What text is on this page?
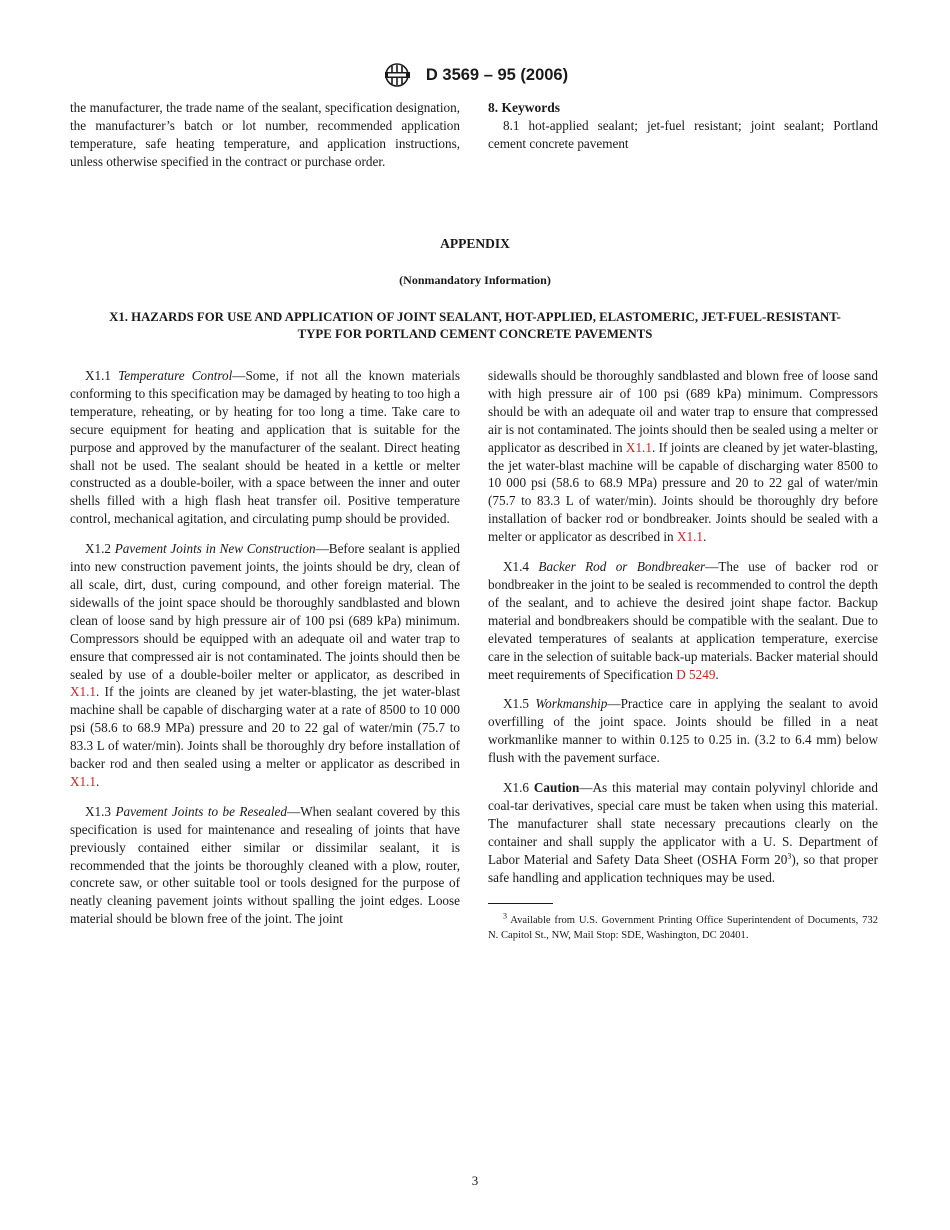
D 3569 – 95 (2006)

the manufacturer, the trade name of the sealant, specification designation, the manufacturer’s batch or lot number, recommended application temperature, safe heating temperature, and application instructions, unless otherwise specified in the contract or purchase order.

8. Keywords

8.1 hot-applied sealant; jet-fuel resistant; joint sealant; Portland cement concrete pavement

APPENDIX
(Nonmandatory Information)
X1. HAZARDS FOR USE AND APPLICATION OF JOINT SEALANT, HOT-APPLIED, ELASTOMERIC, JET-FUEL-RESISTANT-TYPE FOR PORTLAND CEMENT CONCRETE PAVEMENTS

X1.1 Temperature Control—Some, if not all the known materials conforming to this specification may be damaged by heating to too high a temperature, reheating, or by heating for too long a time. Take care to secure equipment for heating and application that is suitable for the purpose and approved by the manufacturer of the sealant. Direct heating shall not be used. The sealant should be heated in a kettle or melter constructed as a double-boiler, with a space between the inner and outer shells filled with a high flash heat transfer oil. Positive temperature control, mechanical agitation, and circulating pump should be provided.

X1.2 Pavement Joints in New Construction—Before sealant is applied into new construction pavement joints, the joints should be dry, clean of all scale, dirt, dust, curing compound, and other foreign material. The sidewalls of the joint space should be thoroughly sandblasted and blown clean of loose sand by high pressure air of 100 psi (689 kPa) minimum. Compressors should be equipped with an adequate oil and water trap to ensure that compressed air is not contaminated. The joints should then be sealed by use of a double-boiler melter or applicator, as described in X1.1. If the joints are cleaned by jet water-blasting, the jet water-blast machine shall be capable of discharging water at a rate of 8500 to 10 000 psi (58.6 to 68.9 MPa) pressure and 20 to 22 gal of water/min (75.7 to 83.3 L of water/min). Joints shall be thoroughly dry before installation of backer rod and then sealed using a melter or applicator as described in X1.1.

X1.3 Pavement Joints to be Resealed—When sealant covered by this specification is used for maintenance and resealing of joints that have previously contained either similar or dissimilar sealant, it is recommended that the joints be thoroughly cleaned with a plow, router, concrete saw, or other suitable tool or tools designed for the purpose of neatly cleaning pavement joints without spalling the joint edges. Loose material should be blown free of the joint. The joint

sidewalls should be thoroughly sandblasted and blown free of loose sand with high pressure air of 100 psi (689 kPa) minimum. Compressors should be with an adequate oil and water trap to ensure that compressed air is not contaminated. The joints should then be sealed using a melter or applicator as described in X1.1. If joints are cleaned by jet water-blasting, the jet water-blast machine will be capable of discharging water 8500 to 10 000 psi (58.6 to 68.9 MPa) pressure and 20 to 22 gal of water/min (75.7 to 83.3 L of water/min). Joints should be thoroughly dry before installation of backer rod or bondbreaker. Joints should be sealed with a melter or applicator as described in X1.1.

X1.4 Backer Rod or Bondbreaker—The use of backer rod or bondbreaker in the joint to be sealed is recommended to control the depth of the sealant, and to achieve the desired joint shape factor. Backup material and bondbreakers should be compatible with the sealant. Due to elevated temperatures of sealants at application temperature, exercise care in the selection of suitable back-up materials. Backer material should meet requirements of Specification D 5249.

X1.5 Workmanship—Practice care in applying the sealant to avoid overfilling of the joint space. Joints should be filled in a neat workmanlike manner to within 0.125 to 0.25 in. (3.2 to 6.4 mm) below flush with the pavement surface.

X1.6 Caution—As this material may contain polyvinyl chloride and coal-tar derivatives, special care must be taken when using this material. The manufacturer shall state necessary precautions clearly on the container and shall supply the applicator with a U. S. Department of Labor Material and Safety Data Sheet (OSHA Form $20^3$), so that proper safe handling and application techniques may be used.

$^3$ Available from U.S. Government Printing Office Superintendent of Documents, 732 N. Capitol St., NW, Mail Stop: SDE, Washington, DC 20401.

3
